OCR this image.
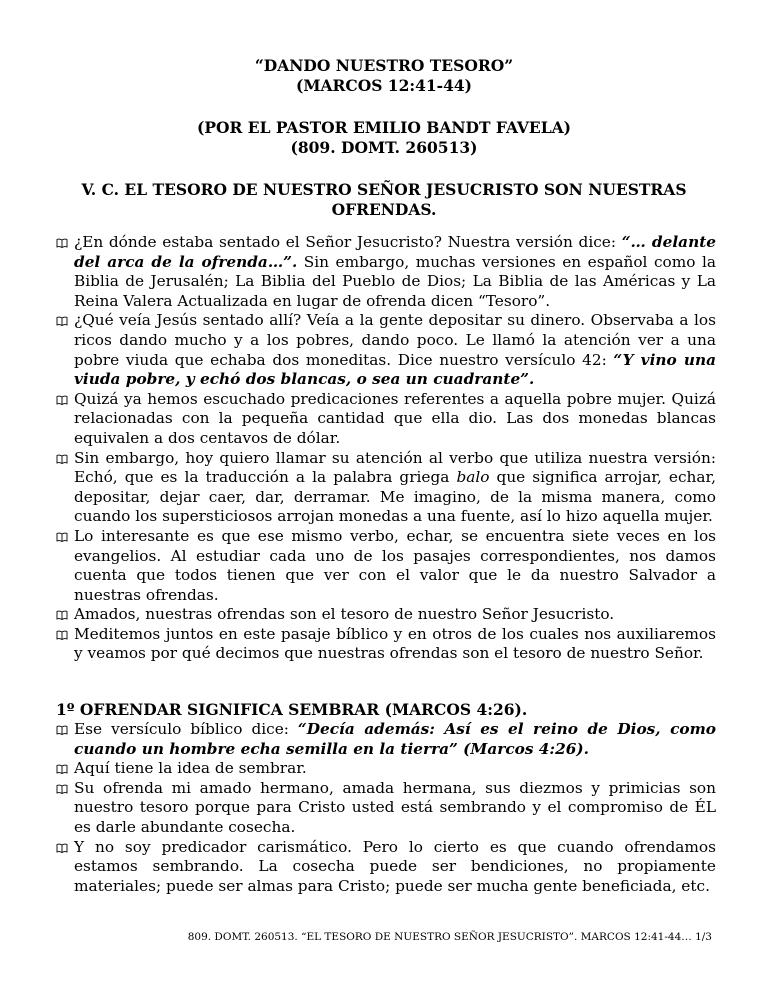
“DANDO NUESTRO TESORO”
(MARCOS 12:41-44)
(POR EL PASTOR EMILIO BANDT FAVELA)
(809. DOMT. 260513)
V. C. EL TESORO DE NUESTRO SEÑOR JESUCRISTO SON NUESTRAS
OFRENDAS.
¿En dónde estaba sentado el Señor Jesucristo? Nuestra versión dice: “… delante del arca de la ofrenda…”. Sin embargo, muchas versiones en español como la Biblia de Jerusalén; La Biblia del Pueblo de Dios; La Biblia de las Américas y La Reina Valera Actualizada en lugar de ofrenda dicen “Tesoro”.
¿Qué veía Jesús sentado allí? Veía a la gente depositar su dinero. Observaba a los ricos dando mucho y a los pobres, dando poco. Le llamó la atención ver a una pobre viuda que echaba dos moneditas. Dice nuestro versículo 42: “Y vino una viuda pobre, y echó dos blancas, o sea un cuadrante”.
Quizá ya hemos escuchado predicaciones referentes a aquella pobre mujer. Quizá relacionadas con la pequeña cantidad que ella dio. Las dos monedas blancas equivalen a dos centavos de dólar.
Sin embargo, hoy quiero llamar su atención al verbo que utiliza nuestra versión: Echó, que es la traducción a la palabra griega balo que significa arrojar, echar, depositar, dejar caer, dar, derramar. Me imagino, de la misma manera, como cuando los supersticiosos arrojan monedas a una fuente, así lo hizo aquella mujer.
Lo interesante es que ese mismo verbo, echar, se encuentra siete veces en los evangelios. Al estudiar cada uno de los pasajes correspondientes, nos damos cuenta que todos tienen que ver con el valor que le da nuestro Salvador a nuestras ofrendas.
Amados, nuestras ofrendas son el tesoro de nuestro Señor Jesucristo.
Meditemos juntos en este pasaje bíblico y en otros de los cuales nos auxiliaremos y veamos por qué decimos que nuestras ofrendas son el tesoro de nuestro Señor.
1º OFRENDAR SIGNIFICA SEMBRAR (MARCOS 4:26).
Ese versículo bíblico dice: “Decía además: Así es el reino de Dios, como cuando un hombre echa semilla en la tierra” (Marcos 4:26).
Aquí tiene la idea de sembrar.
Su ofrenda mi amado hermano, amada hermana, sus diezmos y primicias son nuestro tesoro porque para Cristo usted está sembrando y el compromiso de ÉL es darle abundante cosecha.
Y no soy predicador carismático. Pero lo cierto es que cuando ofrendamos estamos sembrando. La cosecha puede ser bendiciones, no propiamente materiales; puede ser almas para Cristo; puede ser mucha gente beneficiada, etc.
809. DOMT. 260513. “EL TESORO DE NUESTRO SEÑOR JESUCRISTO”. MARCOS 12:41-44… 1/3
